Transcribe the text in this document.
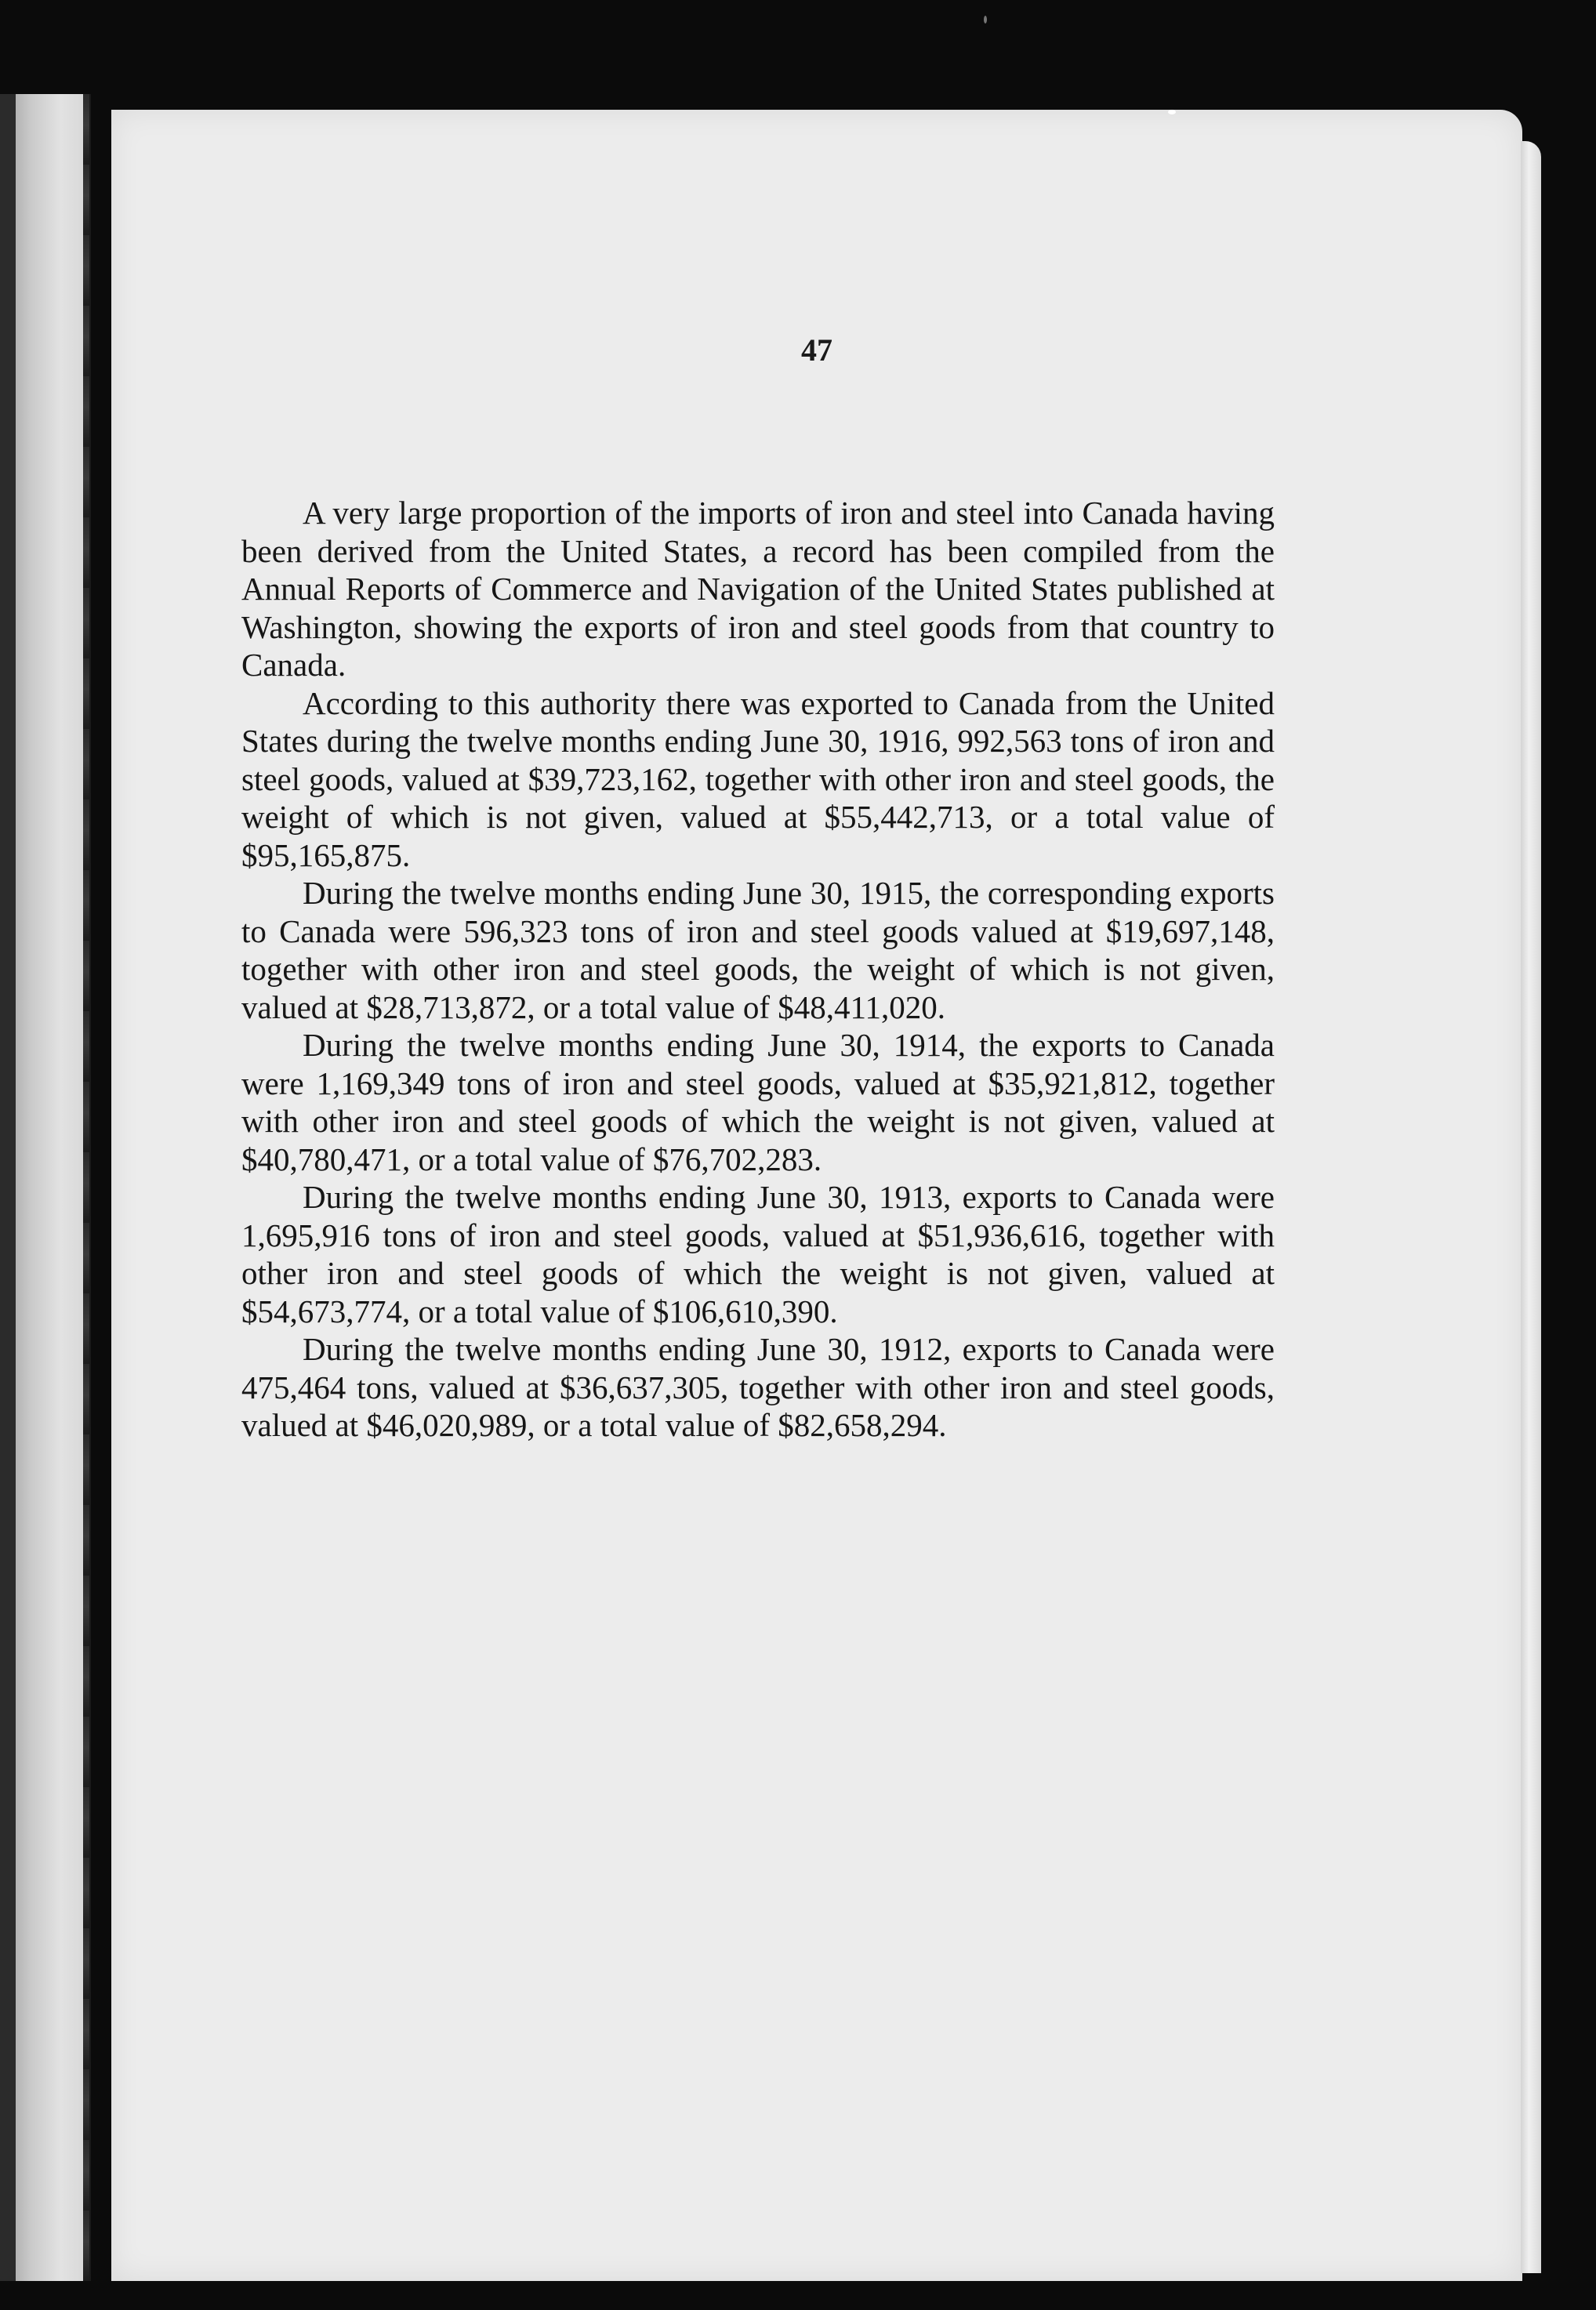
47

A very large proportion of the imports of iron and steel into Canada having been derived from the United States, a record has been compiled from the Annual Reports of Commerce and Navigation of the United States published at Washington, showing the exports of iron and steel goods from that country to Canada.

According to this authority there was exported to Canada from the United States during the twelve months ending June 30, 1916, 992,563 tons of iron and steel goods, valued at $39,723,162, together with other iron and steel goods, the weight of which is not given, valued at $55,442,713, or a total value of $95,165,875.

During the twelve months ending June 30, 1915, the corresponding exports to Canada were 596,323 tons of iron and steel goods valued at $19,697,148, together with other iron and steel goods, the weight of which is not given, valued at $28,713,872, or a total value of $48,411,020.

During the twelve months ending June 30, 1914, the exports to Canada were 1,169,349 tons of iron and steel goods, valued at $35,921,812, together with other iron and steel goods of which the weight is not given, valued at $40,780,471, or a total value of $76,702,283.

During the twelve months ending June 30, 1913, exports to Canada were 1,695,916 tons of iron and steel goods, valued at $51,936,616, together with other iron and steel goods of which the weight is not given, valued at $54,673,774, or a total value of $106,610,390.

During the twelve months ending June 30, 1912, exports to Canada were 475,464 tons, valued at $36,637,305, together with other iron and steel goods, valued at $46,020,989, or a total value of $82,658,294.
